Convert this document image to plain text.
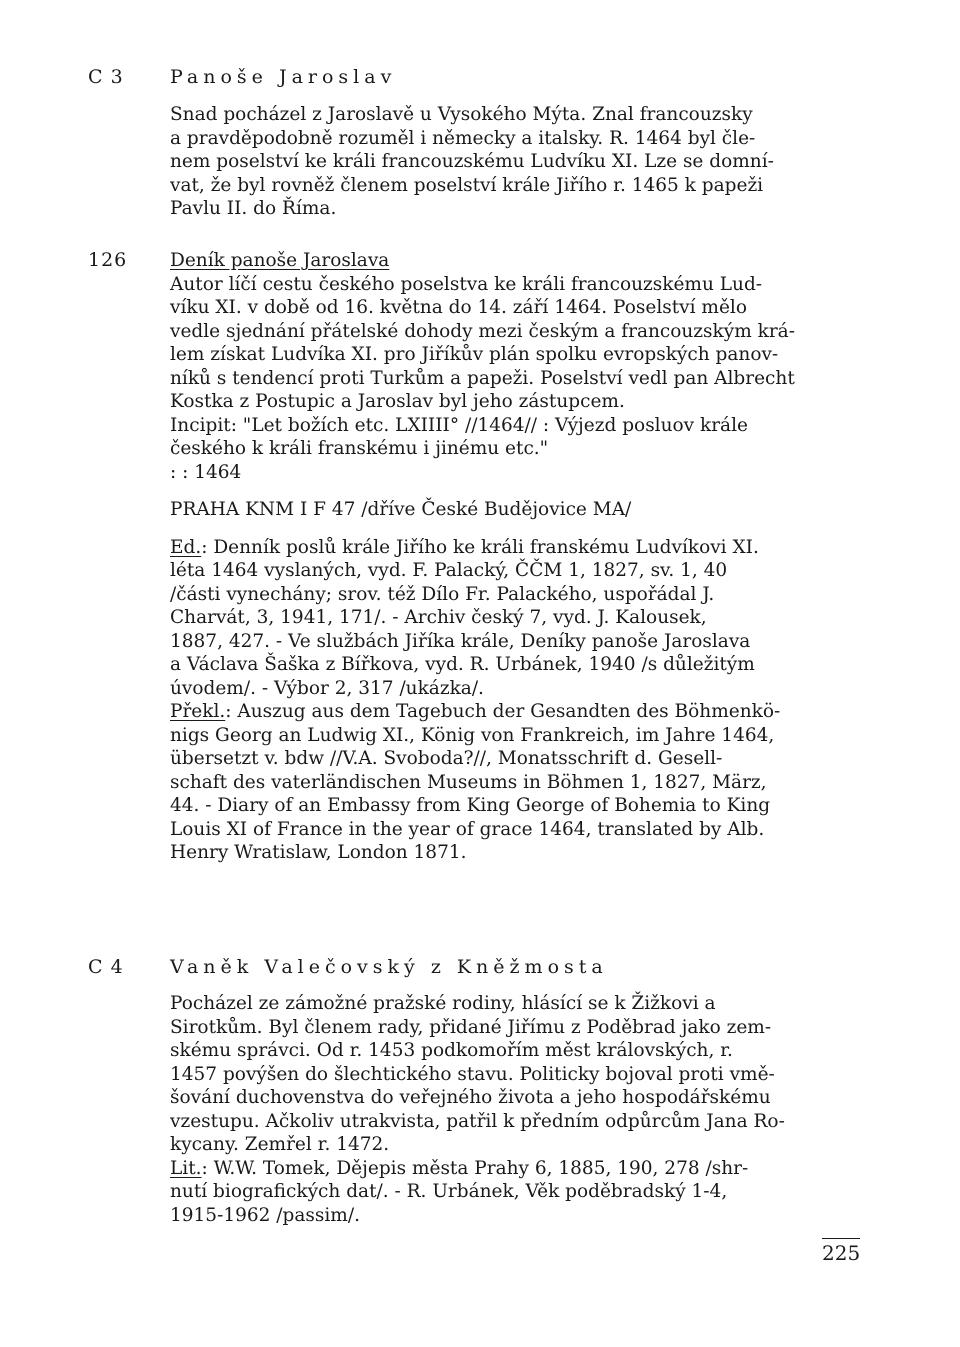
C 3 Panoše Jaroslav
Snad pocházel z Jaroslavě u Vysokého Mýta. Znal francouzsky
a pravděpodobně rozuměl i německy a italsky. R. 1464 byl čle-
nem poselství ke králi francouzskému Ludvíku XI. Lze se domní-
vat, že byl rovněž členem poselství krále Jiřího r. 1465 k papeži
Pavlu II. do Říma.
126 Deník panoše Jaroslava
Autor líčí cestu českého poselstva ke králi francouzskému Lud-
víku XI. v době od 16. května do 14. září 1464. Poselství mělo
vedle sjednání přátelské dohody mezi českým a francouzským krá-
lem získat Ludvíka XI. pro Jiříkův plán spolku evropských panov-
níků s tendencí proti Turkům a papeži. Poselství vedl pan Albrecht
Kostka z Postupic a Jaroslav byl jeho zástupcem.
Incipit: "Let božích etc. LXIIII° //1464// : Výjezd posluov krále
českého k králi franskému i jinému etc."
: : 1464
PRAHA KNM I F 47 /dříve České Budějovice MA/
Ed.: Denník poslů krále Jiřího ke králi franskému Ludvíkovi XI.
léta 1464 vyslaných, vyd. F. Palacký, ČČM 1, 1827, sv. 1, 40
/části vynechány; srov. též Dílo Fr. Palackého, uspořádal J.
Charvát, 3, 1941, 171/. - Archiv český 7, vyd. J. Kalousek,
1887, 427. - Ve službách Jiříka krále, Deníky panoše Jaroslava
a Václava Šaška z Bířkova, vyd. R. Urbánek, 1940 /s důležitým
úvodem/. - Výbor 2, 317 /ukázka/.
Překl.: Auszug aus dem Tagebuch der Gesandten des Böhmenkö-
nigs Georg an Ludwig XI., König von Frankreich, im Jahre 1464,
übersetzt v. bdw //V.A. Svoboda?//, Monatsschrift d. Gesell-
schaft des vaterländischen Museums in Böhmen 1, 1827, März,
44. - Diary of an Embassy from King George of Bohemia to King
Louis XI of France in the year of grace 1464, translated by Alb.
Henry Wratislaw, London 1871.
C 4 Vaněk Valečovský z Kněžmosta
Pocházel ze zámožné pražské rodiny, hlásící se k Žižkovi a
Sirotkům. Byl členem rady, přidané Jiřímu z Poděbrad jako zem-
skému správci. Od r. 1453 podkomořím měst královských, r.
1457 povýšen do šlechtického stavu. Politicky bojoval proti vmě-
šování duchovenstva do veřejného života a jeho hospodářskému
vzestupu. Ačkoliv utrakvista, patřil k předním odpůrcům Jana Ro-
kycany. Zemřel r. 1472.
Lit.: W.W. Tomek, Dějepis města Prahy 6, 1885, 190, 278 /shr-
nutí biografických dat/. - R. Urbánek, Věk poděbradský 1-4,
1915-1962 /passim/.
225
